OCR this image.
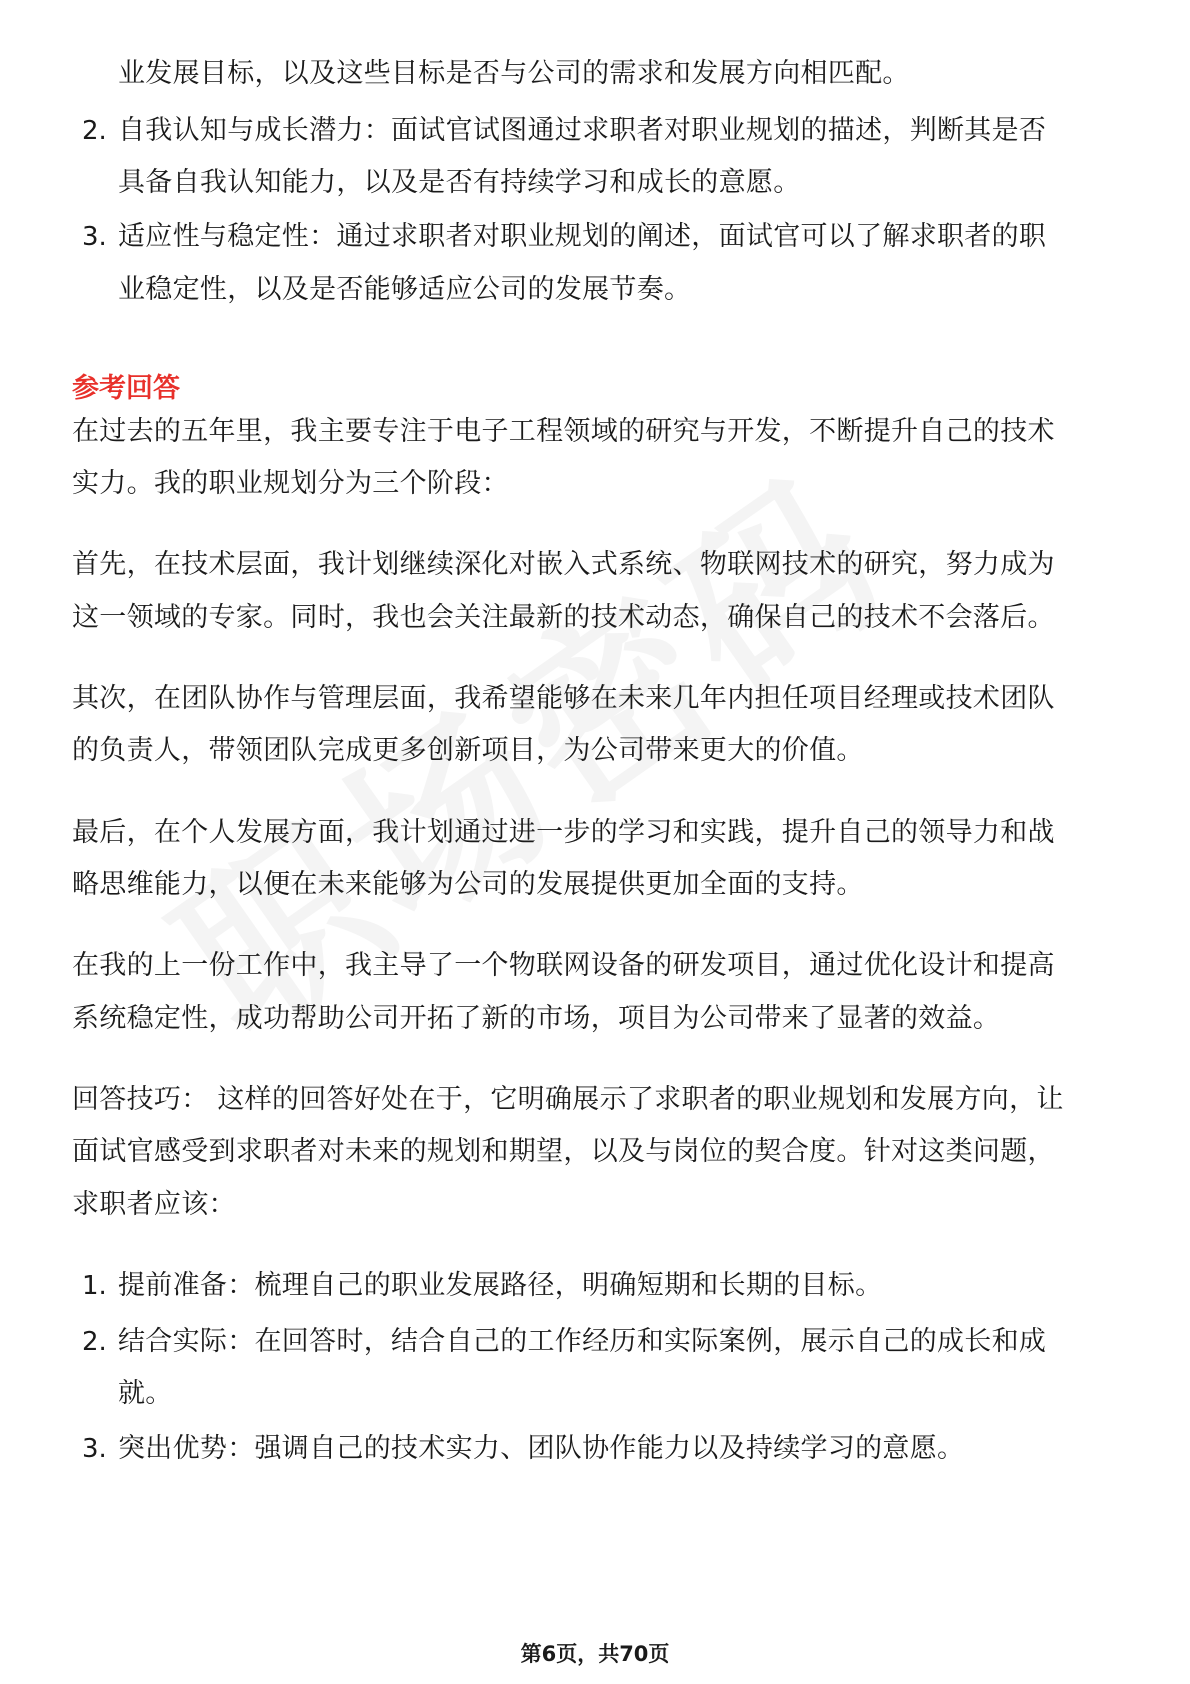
业发展目标，以及这些目标是否与公司的需求和发展方向相匹配。
2. 自我认知与成长潜力：面试官试图通过求职者对职业规划的描述，判断其是否
具备自我认知能力，以及是否有持续学习和成长的意愿。
3. 适应性与稳定性：通过求职者对职业规划的阐述，面试官可以了解求职者的职
业稳定性，以及是否能够适应公司的发展节奏。
参考回答
在过去的五年里，我主要专注于电子工程领域的研究与开发，不断提升自己的技术
实力。我的职业规划分为三个阶段：
首先，在技术层面，我计划继续深化对嵌入式系统、物联网技术的研究，努力成为
这一领域的专家。同时，我也会关注最新的技术动态，确保自己的技术不会落后。
其次，在团队协作与管理层面，我希望能够在未来几年内担任项目经理或技术团队
的负责人，带领团队完成更多创新项目，为公司带来更大的价值。
最后，在个人发展方面，我计划通过进一步的学习和实践，提升自己的领导力和战
略思维能力，以便在未来能够为公司的发展提供更加全面的支持。
在我的上一份工作中，我主导了一个物联网设备的研发项目，通过优化设计和提高
系统稳定性，成功帮助公司开拓了新的市场，项目为公司带来了显著的效益。
回答技巧： 这样的回答好处在于，它明确展示了求职者的职业规划和发展方向，让
面试官感受到求职者对未来的规划和期望，以及与岗位的契合度。针对这类问题，
求职者应该：
1. 提前准备：梳理自己的职业发展路径，明确短期和长期的目标。
2. 结合实际：在回答时，结合自己的工作经历和实际案例，展示自己的成长和成
就。
3. 突出优势：强调自己的技术实力、团队协作能力以及持续学习的意愿。
第6页，共70页
